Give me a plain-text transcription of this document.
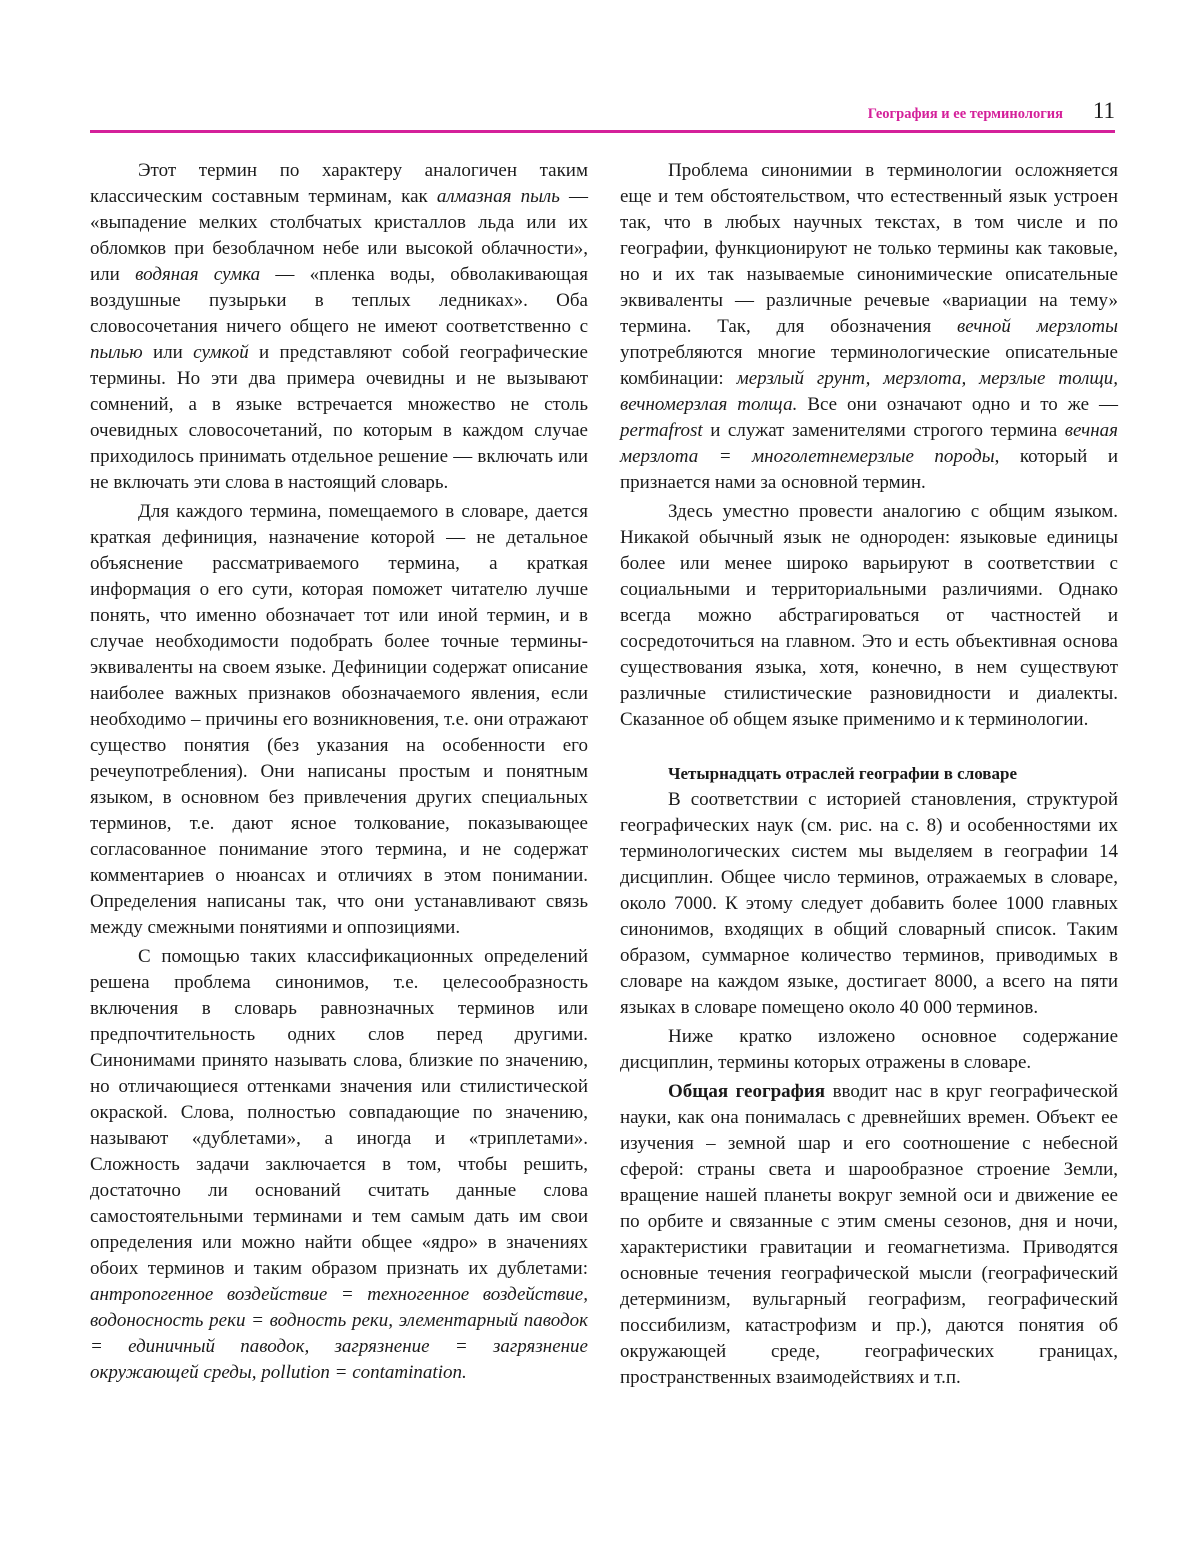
География и ее терминология 11

Этот термин по характеру аналогичен таким классическим составным терминам, как алмазная пыль — «выпадение мелких столбчатых кристаллов льда или их обломков при безоблачном небе или высокой облачности», или водяная сумка — «пленка воды, обволакивающая воздушные пузырьки в теплых ледниках». Оба словосочетания ничего общего не имеют соответственно с пылью или сумкой и представляют собой географические термины. Но эти два примера очевидны и не вызывают сомнений, а в языке встречается множество не столь очевидных словосочетаний, по которым в каждом случае приходилось принимать отдельное решение — включать или не включать эти слова в настоящий словарь.

Для каждого термина, помещаемого в словаре, дается краткая дефиниция, назначение которой — не детальное объяснение рассматриваемого термина, а краткая информация о его сути, которая поможет читателю лучше понять, что именно обозначает тот или иной термин, и в случае необходимости подобрать более точные термины-эквиваленты на своем языке. Дефиниции содержат описание наиболее важных признаков обозначаемого явления, если необходимо – причины его возникновения, т.е. они отражают существо понятия (без указания на особенности его речеупотребления). Они написаны простым и понятным языком, в основном без привлечения других специальных терминов, т.е. дают ясное толкование, показывающее согласованное понимание этого термина, и не содержат комментариев о нюансах и отличиях в этом понимании. Определения написаны так, что они устанавливают связь между смежными понятиями и оппозициями.

С помощью таких классификационных определений решена проблема синонимов, т.е. целесообразность включения в словарь равнозначных терминов или предпочтительность одних слов перед другими. Синонимами принято называть слова, близкие по значению, но отличающиеся оттенками значения или стилистической окраской. Слова, полностью совпадающие по значению, называют «дублетами», а иногда и «триплетами». Сложность задачи заключается в том, чтобы решить, достаточно ли оснований считать данные слова самостоятельными терминами и тем самым дать им свои определения или можно найти общее «ядро» в значениях обоих терминов и таким образом признать их дублетами: антропогенное воздействие = техногенное воздействие, водоносность реки = водность реки, элементарный паводок = единичный паводок, загрязнение = загрязнение окружающей среды, pollution = contamination.

Проблема синонимии в терминологии осложняется еще и тем обстоятельством, что естественный язык устроен так, что в любых научных текстах, в том числе и по географии, функционируют не только термины как таковые, но и их так называемые синонимические описательные эквиваленты — различные речевые «вариации на тему» термина. Так, для обозначения вечной мерзлоты употребляются многие терминологические описательные комбинации: мерзлый грунт, мерзлота, мерзлые толщи, вечномерзлая толща. Все они означают одно и то же — permafrost и служат заменителями строгого термина вечная мерзлота = многолетнемерзлые породы, который и признается нами за основной термин.

Здесь уместно провести аналогию с общим языком. Никакой обычный язык не однороден: языковые единицы более или менее широко варьируют в соответствии с социальными и территориальными различиями. Однако всегда можно абстрагироваться от частностей и сосредоточиться на главном. Это и есть объективная основа существования языка, хотя, конечно, в нем существуют различные стилистические разновидности и диалекты. Сказанное об общем языке применимо и к терминологии.

Четырнадцать отраслей географии в словаре

В соответствии с историей становления, структурой географических наук (см. рис. на с. 8) и особенностями их терминологических систем мы выделяем в географии 14 дисциплин. Общее число терминов, отражаемых в словаре, около 7000. К этому следует добавить более 1000 главных синонимов, входящих в общий словарный список. Таким образом, суммарное количество терминов, приводимых в словаре на каждом языке, достигает 8000, а всего на пяти языках в словаре помещено около 40 000 терминов.

Ниже кратко изложено основное содержание дисциплин, термины которых отражены в словаре.

Общая география вводит нас в круг географической науки, как она понималась с древнейших времен. Объект ее изучения – земной шар и его соотношение с небесной сферой: страны света и шарообразное строение Земли, вращение нашей планеты вокруг земной оси и движение ее по орбите и связанные с этим смены сезонов, дня и ночи, характеристики гравитации и геомагнетизма. Приводятся основные течения географической мысли (географический детерминизм, вульгарный географизм, географический поссибилизм, катастрофизм и пр.), даются понятия об окружающей среде, географических границах, пространственных взаимодействиях и т.п.
